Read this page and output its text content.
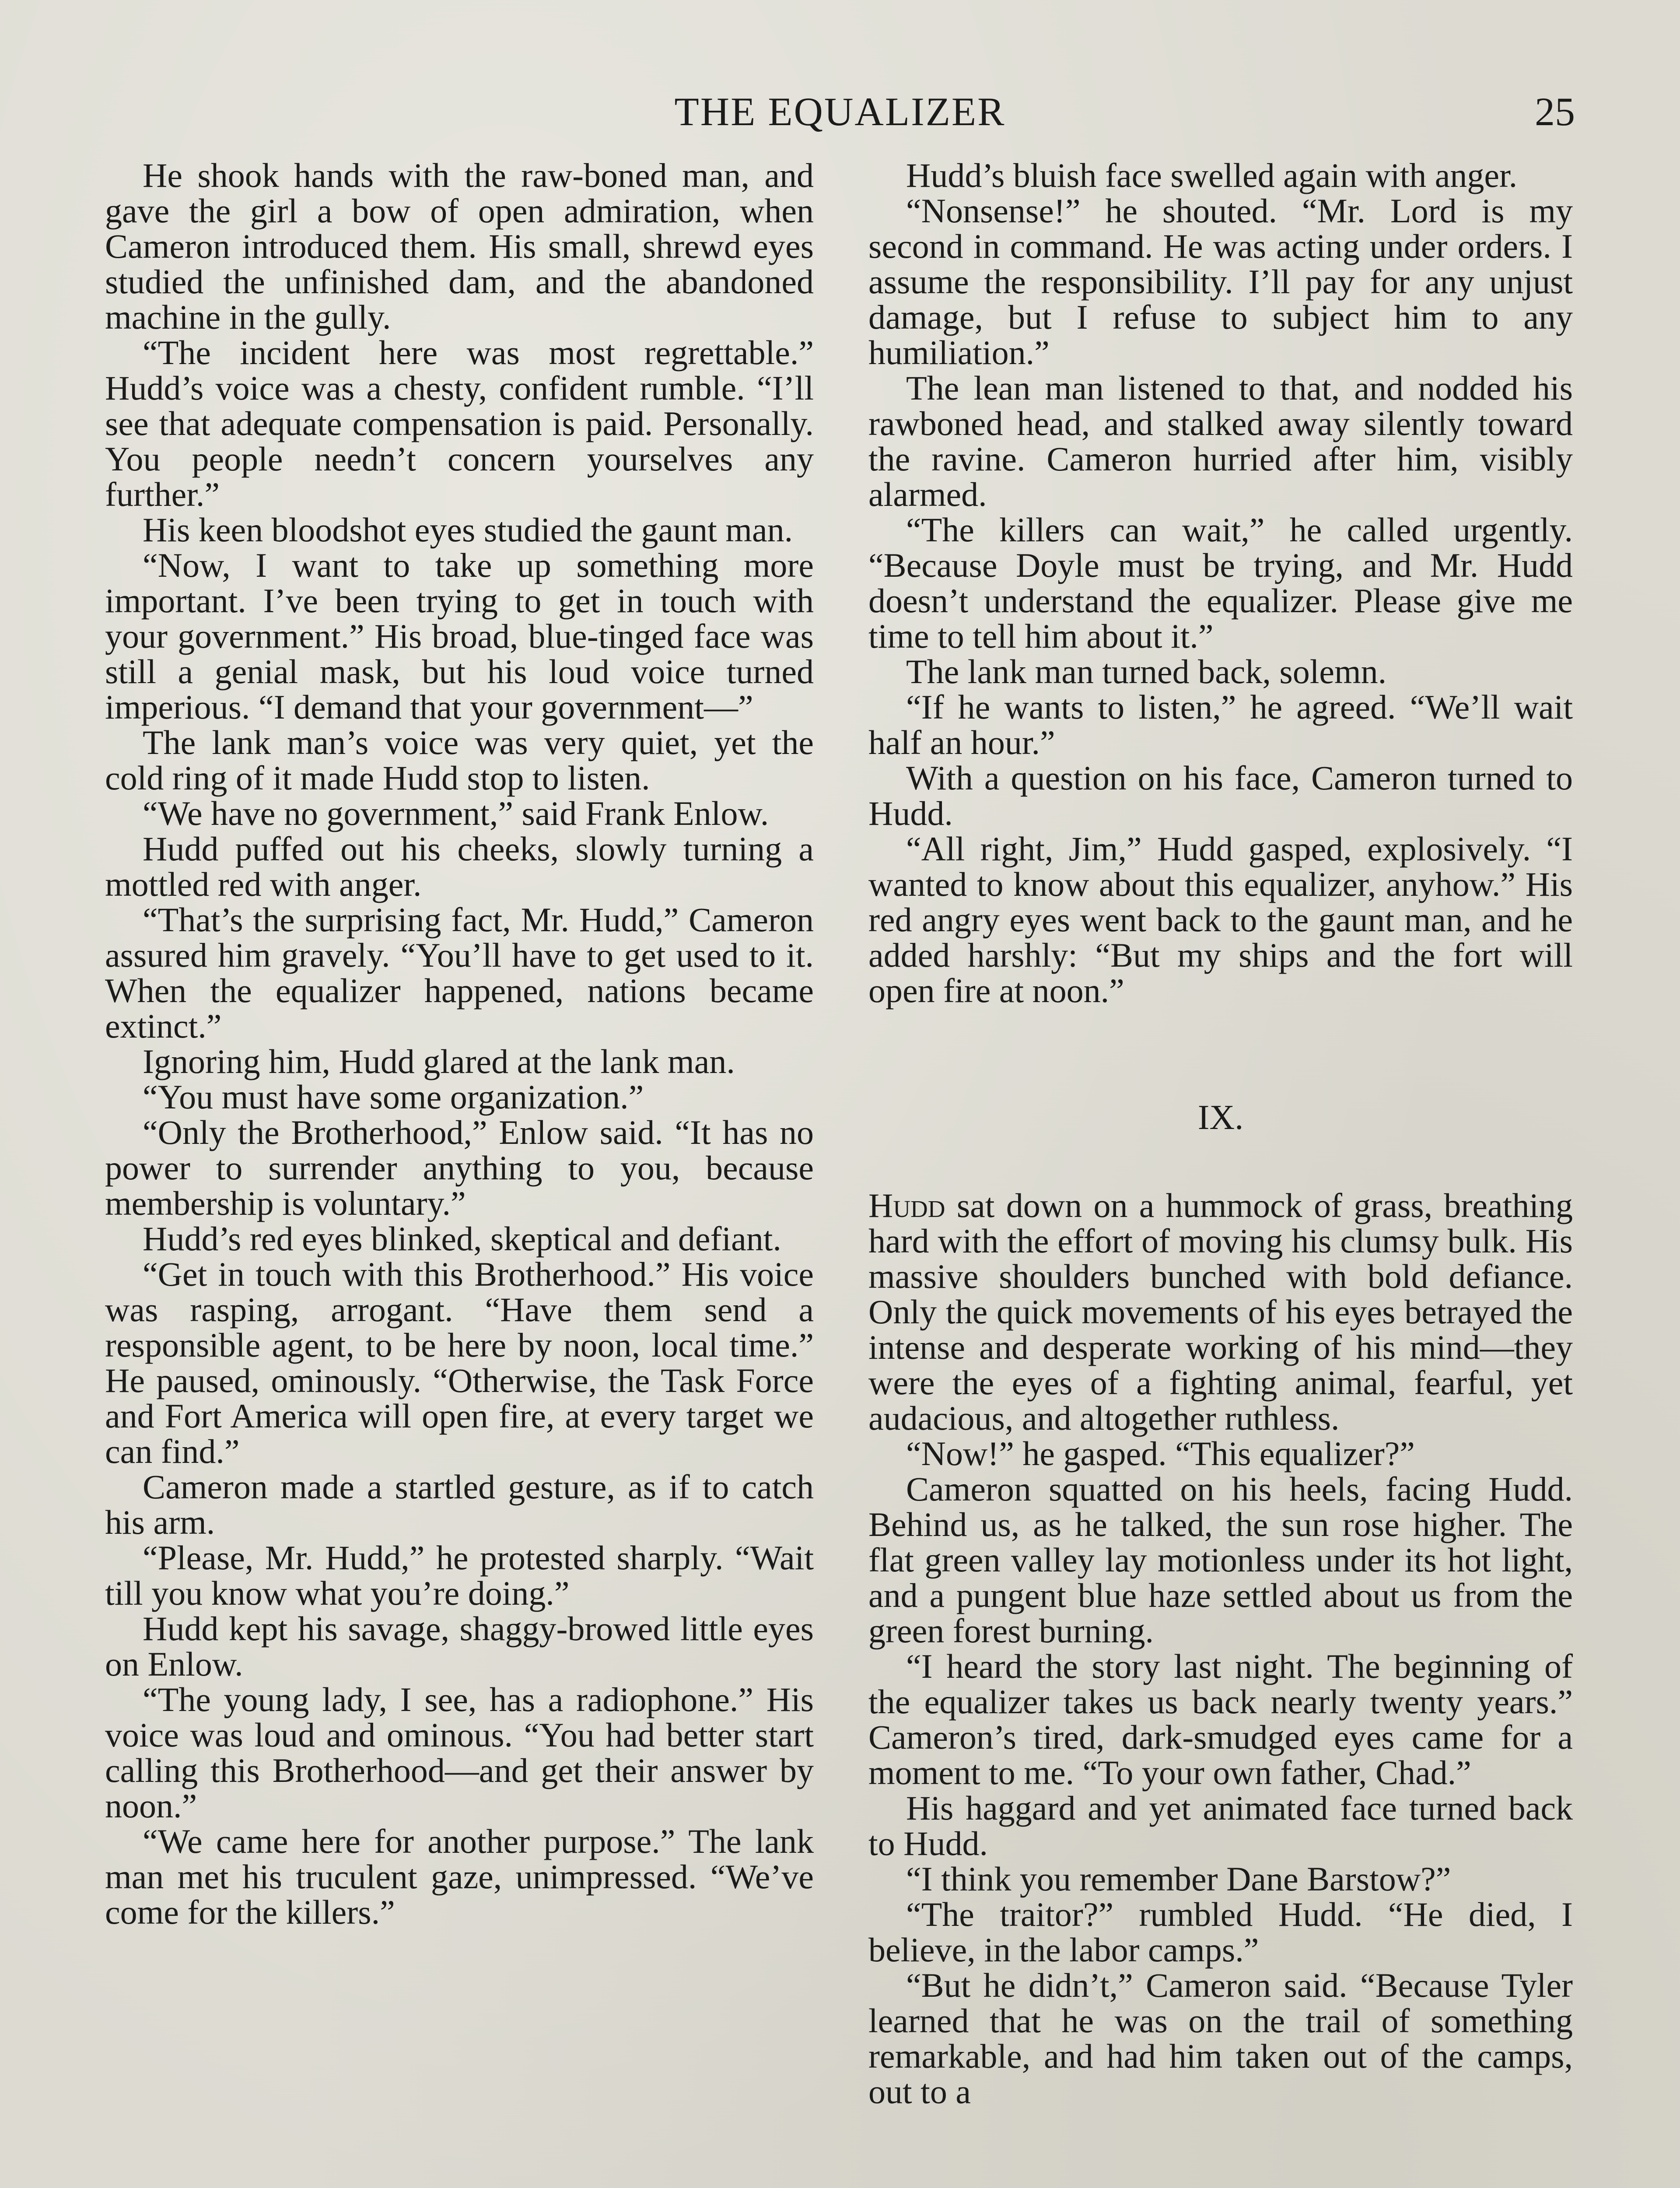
THE EQUALIZER	25

He shook hands with the raw-boned man, and gave the girl a bow of open admiration, when Cameron introduced them. His small, shrewd eyes studied the unfinished dam, and the abandoned machine in the gully.

“The incident here was most regrettable.” Hudd’s voice was a chesty, confident rumble. “I’ll see that adequate compensation is paid. Personally. You people needn’t concern yourselves any further.”

His keen bloodshot eyes studied the gaunt man.

“Now, I want to take up something more important. I’ve been trying to get in touch with your government.” His broad, blue-tinged face was still a genial mask, but his loud voice turned imperious. “I demand that your government—”

The lank man’s voice was very quiet, yet the cold ring of it made Hudd stop to listen.

“We have no government,” said Frank Enlow.

Hudd puffed out his cheeks, slowly turning a mottled red with anger.

“That’s the surprising fact, Mr. Hudd,” Cameron assured him gravely. “You’ll have to get used to it. When the equalizer happened, nations became extinct.”

Ignoring him, Hudd glared at the lank man.

“You must have some organization.”

“Only the Brotherhood,” Enlow said. “It has no power to surrender anything to you, because membership is voluntary.”

Hudd’s red eyes blinked, skeptical and defiant.

“Get in touch with this Brotherhood.” His voice was rasping, arrogant. “Have them send a responsible agent, to be here by noon, local time.” He paused, ominously. “Otherwise, the Task Force and Fort America will open fire, at every target we can find.”

Cameron made a startled gesture, as if to catch his arm.

“Please, Mr. Hudd,” he protested sharply. “Wait till you know what you’re doing.”

Hudd kept his savage, shaggy-browed little eyes on Enlow.

“The young lady, I see, has a radiophone.” His voice was loud and ominous. “You had better start calling this Brotherhood—and get their answer by noon.”

“We came here for another purpose.” The lank man met his truculent gaze, unimpressed. “We’ve come for the killers.”

Hudd’s bluish face swelled again with anger.

“Nonsense!” he shouted. “Mr. Lord is my second in command. He was acting under orders. I assume the responsibility. I’ll pay for any unjust damage, but I refuse to subject him to any humiliation.”

The lean man listened to that, and nodded his rawboned head, and stalked away silently toward the ravine. Cameron hurried after him, visibly alarmed.

“The killers can wait,” he called urgently. “Because Doyle must be trying, and Mr. Hudd doesn’t understand the equalizer. Please give me time to tell him about it.”

The lank man turned back, solemn.

“If he wants to listen,” he agreed. “We’ll wait half an hour.”

With a question on his face, Cameron turned to Hudd.

“All right, Jim,” Hudd gasped, explosively. “I wanted to know about this equalizer, anyhow.” His red angry eyes went back to the gaunt man, and he added harshly: “But my ships and the fort will open fire at noon.”

IX.

Hudd sat down on a hummock of grass, breathing hard with the effort of moving his clumsy bulk. His massive shoulders bunched with bold defiance. Only the quick movements of his eyes betrayed the intense and desperate working of his mind—they were the eyes of a fighting animal, fearful, yet audacious, and altogether ruthless.

“Now!” he gasped. “This equalizer?”

Cameron squatted on his heels, facing Hudd. Behind us, as he talked, the sun rose higher. The flat green valley lay motionless under its hot light, and a pungent blue haze settled about us from the green forest burning.

“I heard the story last night. The beginning of the equalizer takes us back nearly twenty years.” Cameron’s tired, dark-smudged eyes came for a moment to me. “To your own father, Chad.”

His haggard and yet animated face turned back to Hudd.

“I think you remember Dane Barstow?”

“The traitor?” rumbled Hudd. “He died, I believe, in the labor camps.”

“But he didn’t,” Cameron said. “Because Tyler learned that he was on the trail of something remarkable, and had him taken out of the camps, out to a
